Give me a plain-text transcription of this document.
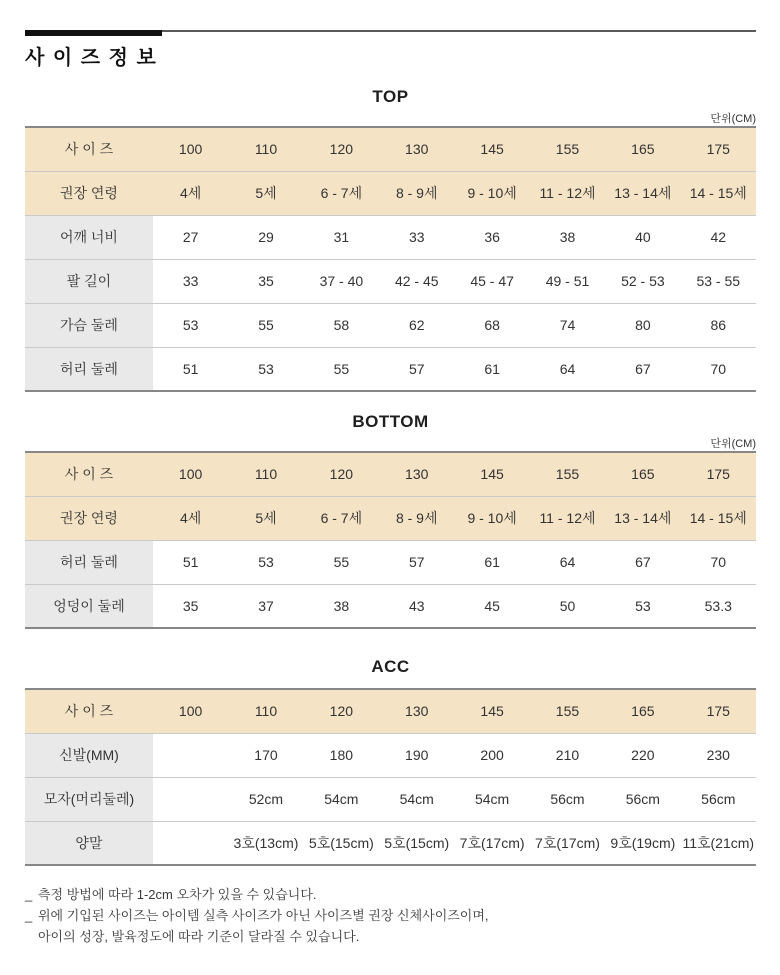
사 이 즈 정 보
TOP
단위(CM)
사 이 즈	100	110	120	130	145	155	165	175
권장 연령	4세	5세	6 - 7세	8 - 9세	9 - 10세	11 - 12세	13 - 14세	14 - 15세
어깨 너비	27	29	31	33	36	38	40	42
팔 길이	33	35	37 - 40	42 - 45	45 - 47	49 - 51	52 - 53	53 - 55
가슴 둘레	53	55	58	62	68	74	80	86
허리 둘레	51	53	55	57	61	64	67	70
BOTTOM
단위(CM)
사 이 즈	100	110	120	130	145	155	165	175
권장 연령	4세	5세	6 - 7세	8 - 9세	9 - 10세	11 - 12세	13 - 14세	14 - 15세
허리 둘레	51	53	55	57	61	64	67	70
엉덩이 둘레	35	37	38	43	45	50	53	53.3
ACC
사 이 즈	100	110	120	130	145	155	165	175
신발(MM)		170	180	190	200	210	220	230
모자(머리둘레)		52cm	54cm	54cm	54cm	56cm	56cm	56cm
양말		3호(13cm)	5호(15cm)	5호(15cm)	7호(17cm)	7호(17cm)	9호(19cm)	11호(21cm)
_ 측정 방법에 따라 1-2cm 오차가 있을 수 있습니다.
_ 위에 기입된 사이즈는 아이템 실측 사이즈가 아닌 사이즈별 권장 신체사이즈이며,
아이의 성장, 발육정도에 따라 기준이 달라질 수 있습니다.
